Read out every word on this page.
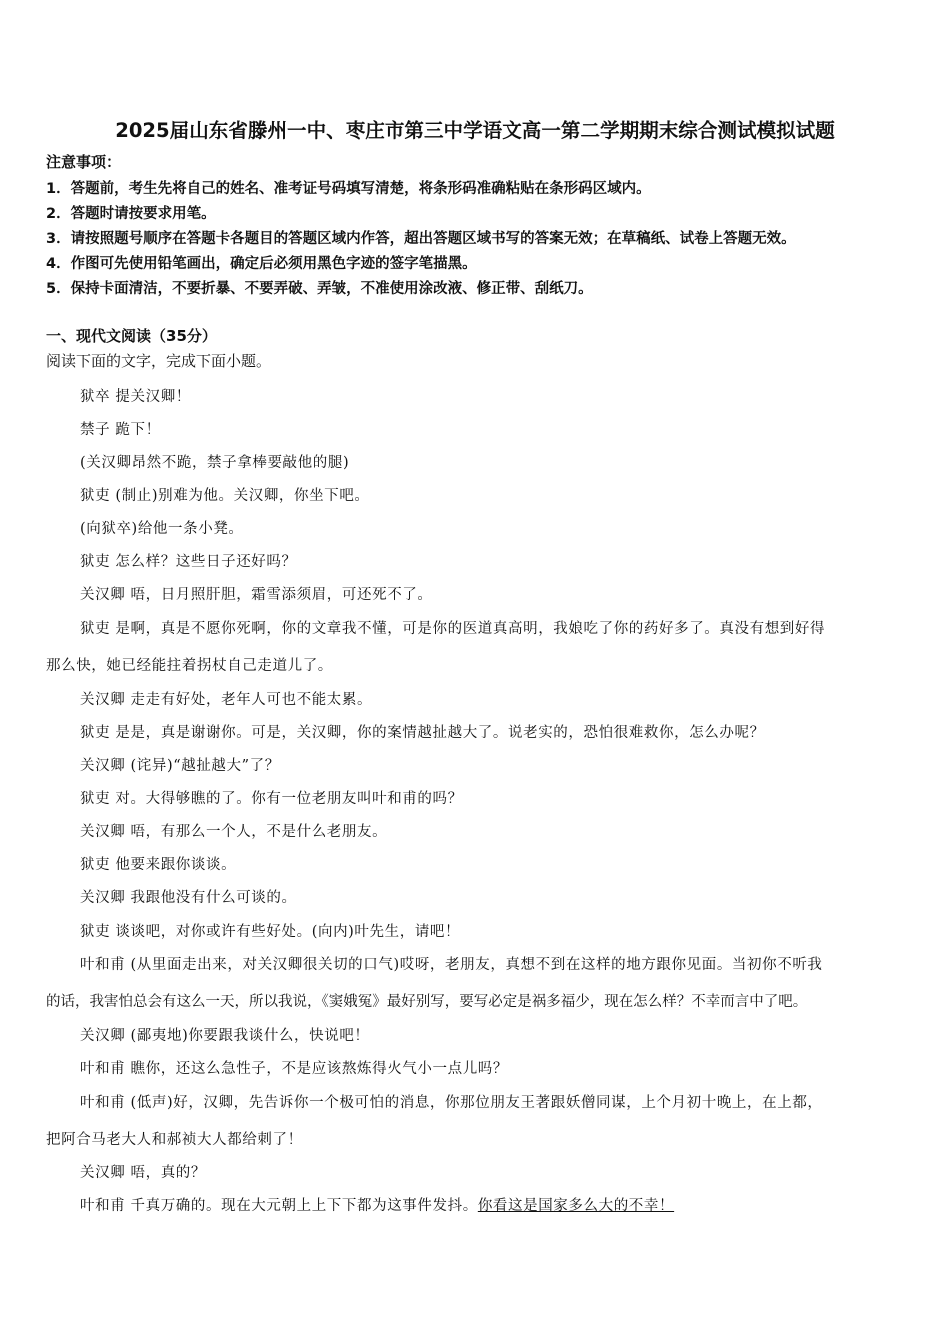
2025届山东省滕州一中、枣庄市第三中学语文高一第二学期期末综合测试模拟试题
注意事项：
1．答题前，考生先将自己的姓名、准考证号码填写清楚，将条形码准确粘贴在条形码区域内。
2．答题时请按要求用笔。
3．请按照题号顺序在答题卡各题目的答题区域内作答，超出答题区域书写的答案无效；在草稿纸、试卷上答题无效。
4．作图可先使用铅笔画出，确定后必须用黑色字迹的签字笔描黑。
5．保持卡面清洁，不要折暴、不要弄破、弄皱，不准使用涂改液、修正带、刮纸刀。
一、现代文阅读（35分）
阅读下面的文字，完成下面小题。
狱卒 提关汉卿！
禁子 跪下！
(关汉卿昂然不跪，禁子拿棒要敲他的腿)
狱吏 (制止)别难为他。关汉卿，你坐下吧。
(向狱卒)给他一条小凳。
狱吏 怎么样？这些日子还好吗？
关汉卿 唔，日月照肝胆，霜雪添须眉，可还死不了。
狱吏 是啊，真是不愿你死啊，你的文章我不懂，可是你的医道真高明，我娘吃了你的药好多了。真没有想到好得
那么快，她已经能拄着拐杖自己走道儿了。
关汉卿 走走有好处，老年人可也不能太累。
狱吏 是是，真是谢谢你。可是，关汉卿，你的案情越扯越大了。说老实的，恐怕很难救你，怎么办呢？
关汉卿 (诧异)“越扯越大”了？
狱吏 对。大得够瞧的了。你有一位老朋友叫叶和甫的吗？
关汉卿 唔，有那么一个人，不是什么老朋友。
狱吏 他要来跟你谈谈。
关汉卿 我跟他没有什么可谈的。
狱吏 谈谈吧，对你或许有些好处。(向内)叶先生，请吧！
叶和甫 (从里面走出来，对关汉卿很关切的口气)哎呀，老朋友，真想不到在这样的地方跟你见面。当初你不听我
的话，我害怕总会有这么一天，所以我说，《窦娥冤》最好别写，要写必定是祸多福少，现在怎么样？不幸而言中了吧。
关汉卿 (鄙夷地)你要跟我谈什么，快说吧！
叶和甫 瞧你，还这么急性子，不是应该熬炼得火气小一点儿吗？
叶和甫 (低声)好，汉卿，先告诉你一个极可怕的消息，你那位朋友王著跟妖僧同谋，上个月初十晚上，在上都，
把阿合马老大人和郝祯大人都给刺了！
关汉卿 唔，真的？
叶和甫 千真万确的。现在大元朝上上下下都为这事件发抖。你看这是国家多么大的不幸！
